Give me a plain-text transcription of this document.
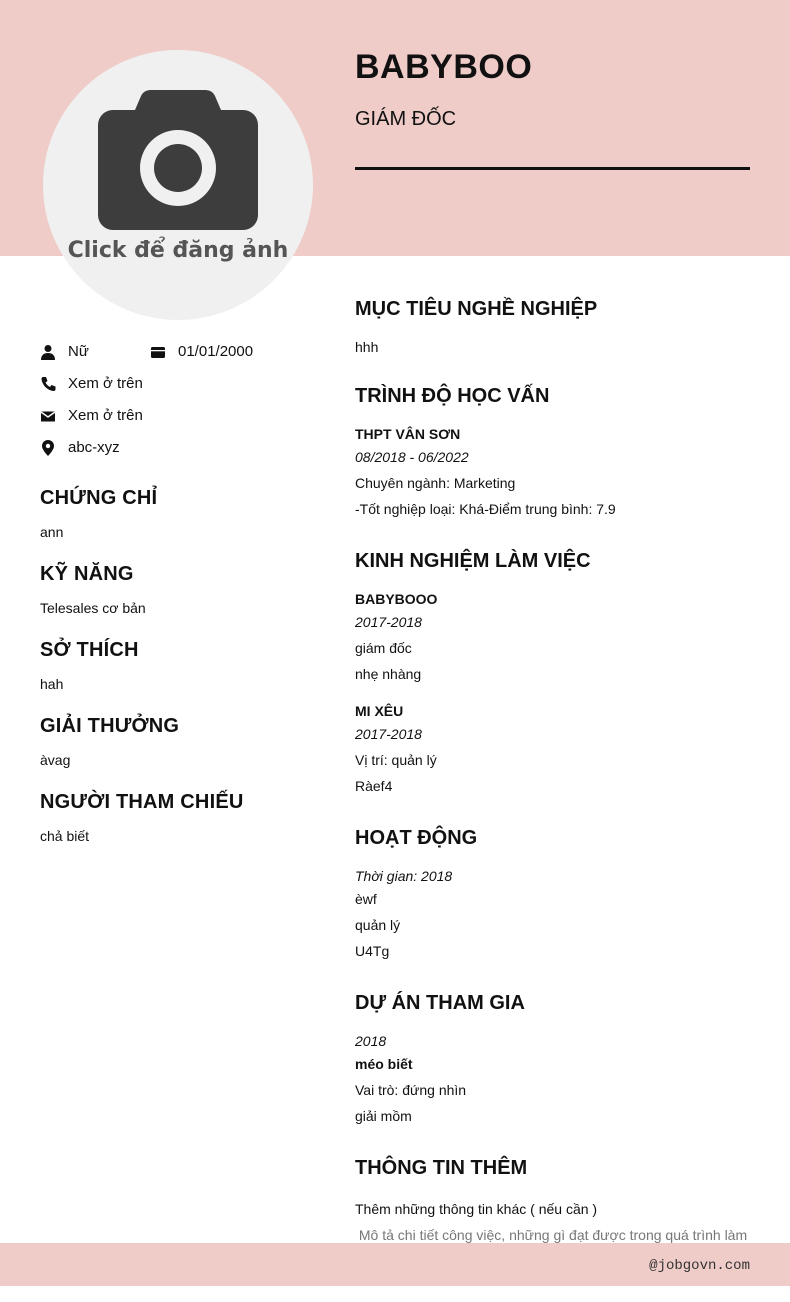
Click để đăng ảnh
BABYBOO
GIÁM ĐỐC
Nữ	01/01/2000
Xem ở trên
Xem ở trên
abc-xyz
CHỨNG CHỈ
ann
KỸ NĂNG
Telesales cơ bản
SỞ THÍCH
hah
GIẢI THƯỞNG
àvag
NGƯỜI THAM CHIẾU
chả biết
MỤC TIÊU NGHỀ NGHIỆP
hhh
TRÌNH ĐỘ HỌC VẤN
THPT VÂN SƠN
08/2018 - 06/2022
Chuyên ngành: Marketing
-Tốt nghiệp loại: Khá-Điểm trung bình: 7.9
KINH NGHIỆM LÀM VIỆC
BABYBOOO
2017-2018
giám đốc
nhẹ nhàng
MI XÊU
2017-2018
Vị trí: quản lý
Ràef4
HOẠT ĐỘNG
Thời gian: 2018
èwf
quản lý
U4Tg
DỰ ÁN THAM GIA
2018
méo biết
Vai trò: đứng nhìn
giải mồm
THÔNG TIN THÊM
Thêm những thông tin khác ( nếu cần )
Mô tả chi tiết công việc, những gì đạt được trong quá trình làm
@jobgovn.com
